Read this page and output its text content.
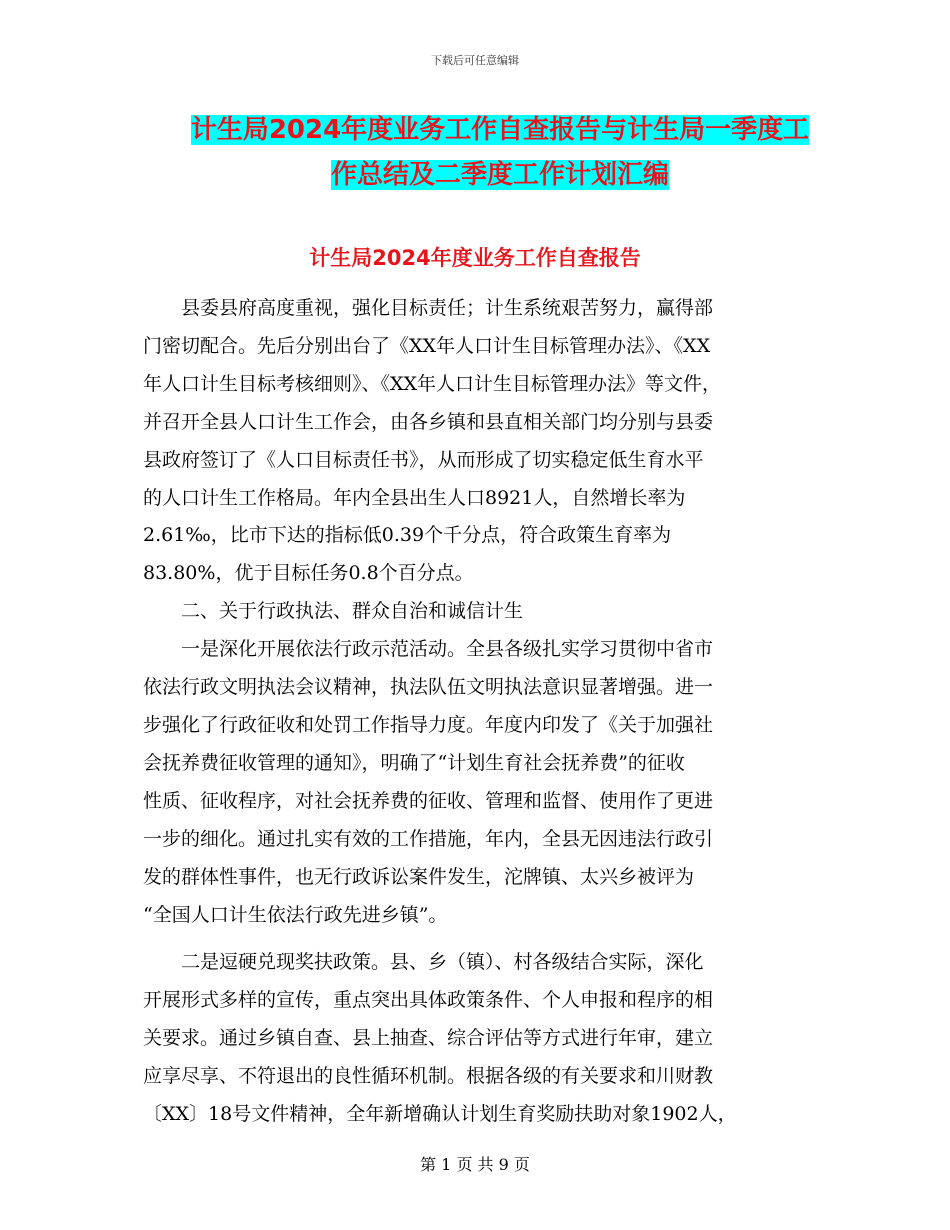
下载后可任意编辑
计生局2024年度业务工作自查报告与计生局一季度工
作总结及二季度工作计划汇编
计生局2024年度业务工作自查报告

县委县府高度重视，强化目标责任；计生系统艰苦努力，赢得部
门密切配合。先后分别出台了《XX年人口计生目标管理办法》、《XX
年人口计生目标考核细则》、《XX年人口计生目标管理办法》等文件，
并召开全县人口计生工作会，由各乡镇和县直相关部门均分别与县委
县政府签订了《人口目标责任书》，从而形成了切实稳定低生育水平
的人口计生工作格局。年内全县出生人口8921人，自然增长率为
2.61‰，比市下达的指标低0.39个千分点，符合政策生育率为
83.80%，优于目标任务0.8个百分点。

二、关于行政执法、群众自治和诚信计生

一是深化开展依法行政示范活动。全县各级扎实学习贯彻中省市
依法行政文明执法会议精神，执法队伍文明执法意识显著增强。进一
步强化了行政征收和处罚工作指导力度。年度内印发了《关于加强社
会抚养费征收管理的通知》，明确了“计划生育社会抚养费”的征收
性质、征收程序，对社会抚养费的征收、管理和监督、使用作了更进
一步的细化。通过扎实有效的工作措施，年内，全县无因违法行政引
发的群体性事件，也无行政诉讼案件发生，沱牌镇、太兴乡被评为
“全国人口计生依法行政先进乡镇”。

二是逗硬兑现奖扶政策。县、乡（镇）、村各级结合实际，深化
开展形式多样的宣传，重点突出具体政策条件、个人申报和程序的相
关要求。通过乡镇自查、县上抽查、综合评估等方式进行年审，建立
应享尽享、不符退出的良性循环机制。根据各级的有关要求和川财教
〔XX〕18号文件精神，全年新增确认计划生育奖励扶助对象1902人，

第 1 页 共 9 页
